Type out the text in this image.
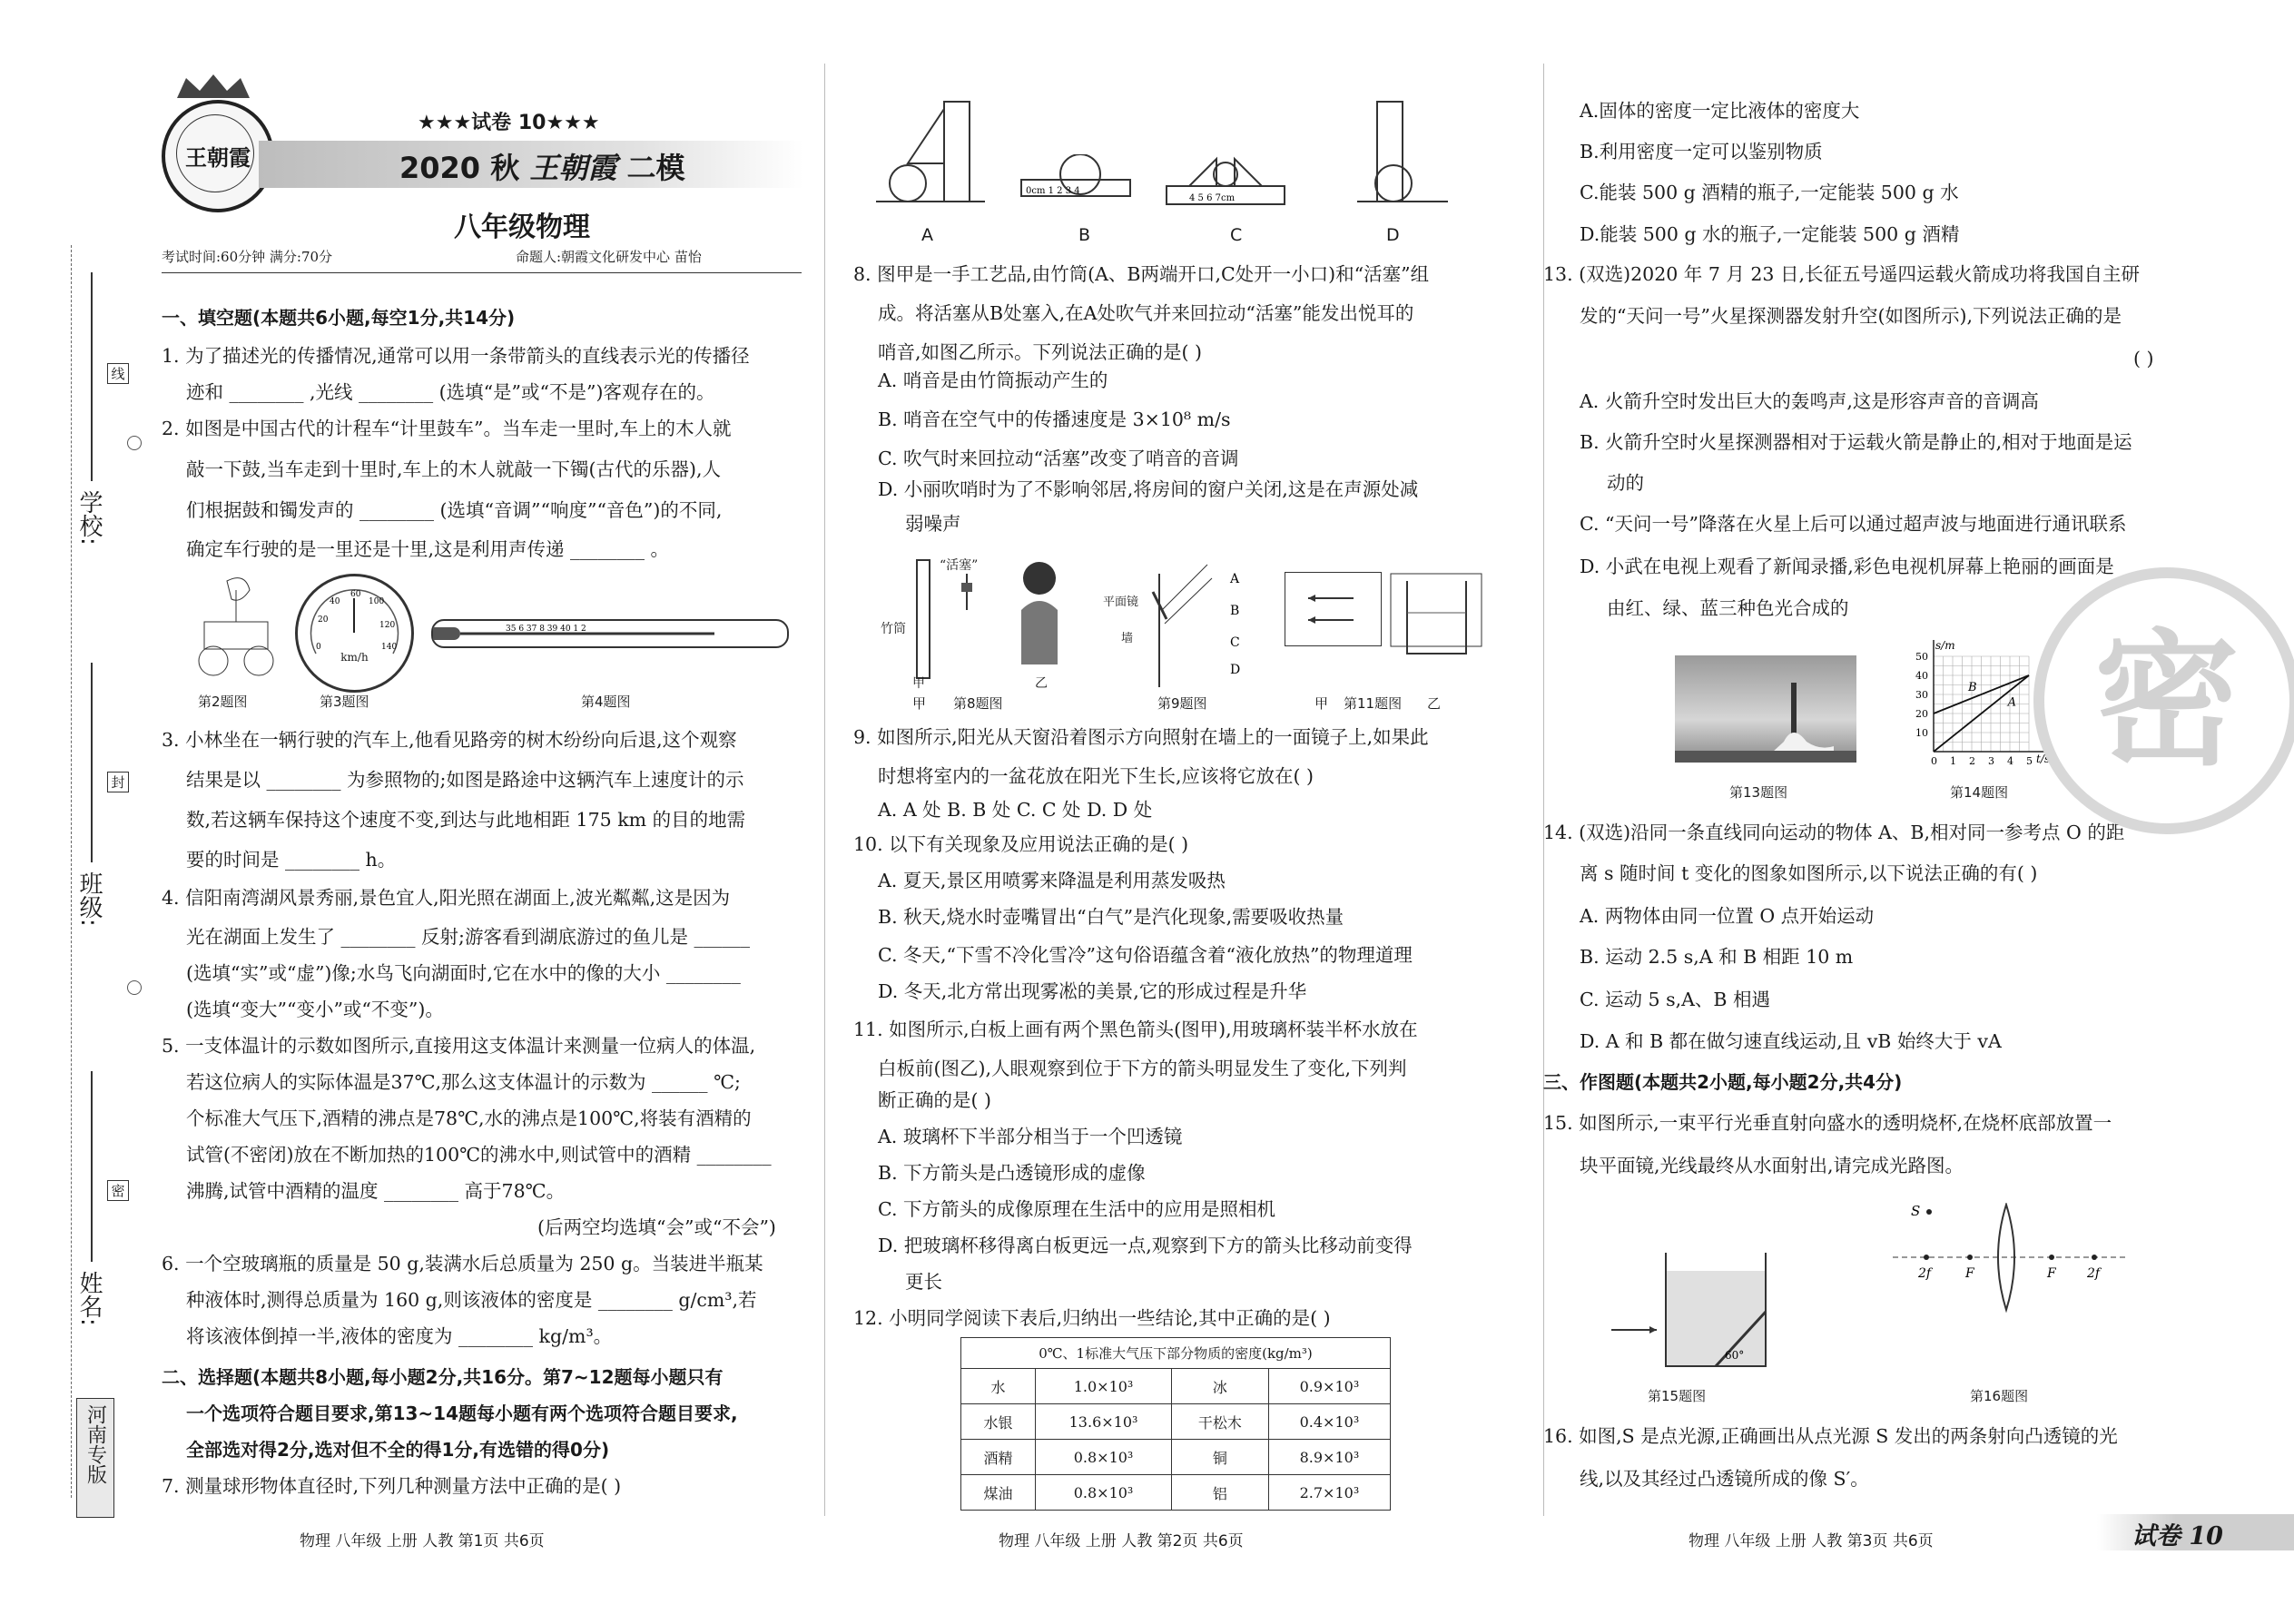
线
封
密
学校:
班级:
姓名:
河南专版
王朝霞
★★★试卷 10★★★
2020 秋 王朝霞 二模
八年级物理
考试时间:60分钟 满分:70分	命题人:朝霞文化研发中心 苗怡
一、填空题(本题共6小题,每空1分,共14分)
1. 为了描述光的传播情况,通常可以用一条带箭头的直线表示光的传播径
迹和 ________ ,光线 ________ (选填“是”或“不是”)客观存在的。
2. 如图是中国古代的计程车“计里鼓车”。当车走一里时,车上的木人就
敲一下鼓,当车走到十里时,车上的木人就敲一下镯(古代的乐器),人
们根据鼓和镯发声的 ________ (选填“音调”“响度”“音色”)的不同,
确定车行驶的是一里还是十里,这是利用声传递 ________ 。
0
20
40
60
100
120
140
km/h
35 6 37 8 39 40 1 2
第2题图	第3题图	第4题图
3. 小林坐在一辆行驶的汽车上,他看见路旁的树木纷纷向后退,这个观察
结果是以 ________ 为参照物的;如图是路途中这辆汽车上速度计的示
数,若这辆车保持这个速度不变,到达与此地相距 175 km 的目的地需
要的时间是 ________ h。
4. 信阳南湾湖风景秀丽,景色宜人,阳光照在湖面上,波光粼粼,这是因为
光在湖面上发生了 ________ 反射;游客看到湖底游过的鱼儿是 ______
(选填“实”或“虚”)像;水鸟飞向湖面时,它在水中的像的大小 ________
(选填“变大”“变小”或“不变”)。
5. 一支体温计的示数如图所示,直接用这支体温计来测量一位病人的体温,
若这位病人的实际体温是37℃,那么这支体温计的示数为 ______ ℃;
个标准大气压下,酒精的沸点是78℃,水的沸点是100℃,将装有酒精的
试管(不密闭)放在不断加热的100℃的沸水中,则试管中的酒精 ________
沸腾,试管中酒精的温度 ________ 高于78℃。
(后两空均选填“会”或“不会”)
6. 一个空玻璃瓶的质量是 50 g,装满水后总质量为 250 g。当装进半瓶某
种液体时,测得总质量为 160 g,则该液体的密度是 ________ g/cm³,若
将该液体倒掉一半,液体的密度为 ________ kg/m³。
二、选择题(本题共8小题,每小题2分,共16分。第7~12题每小题只有
一个选项符合题目要求,第13~14题每小题有两个选项符合题目要求,
全部选对得2分,选对但不全的得1分,有选错的得0分)
7. 测量球形物体直径时,下列几种测量方法中正确的是( )
物理 八年级 上册 人教 第1页 共6页
0cm 1 2 3 4
4 5 6 7cm
A	B	C	D
8. 图甲是一手工艺品,由竹筒(A、B两端开口,C处开一小口)和“活塞”组
成。将活塞从B处塞入,在A处吹气并来回拉动“活塞”能发出悦耳的
哨音,如图乙所示。下列说法正确的是( )
A. 哨音是由竹筒振动产生的
B. 哨音在空气中的传播速度是 3×10⁸ m/s
C. 吹气时来回拉动“活塞”改变了哨音的音调
D. 小丽吹哨时为了不影响邻居,将房间的窗户关闭,这是在声源处减
弱噪声
“活塞”
竹筒
甲	乙
A
B
C
D
平面镜
墙
甲	甲	乙
第8题图	第9题图	第11题图
9. 如图所示,阳光从天窗沿着图示方向照射在墙上的一面镜子上,如果此
时想将室内的一盆花放在阳光下生长,应该将它放在( )
A. A 处 B. B 处 C. C 处 D. D 处
10. 以下有关现象及应用说法正确的是( )
A. 夏天,景区用喷雾来降温是利用蒸发吸热
B. 秋天,烧水时壶嘴冒出“白气”是汽化现象,需要吸收热量
C. 冬天,“下雪不冷化雪冷”这句俗语蕴含着“液化放热”的物理道理
D. 冬天,北方常出现雾凇的美景,它的形成过程是升华
11. 如图所示,白板上画有两个黑色箭头(图甲),用玻璃杯装半杯水放在
白板前(图乙),人眼观察到位于下方的箭头明显发生了变化,下列判
断正确的是( )
A. 玻璃杯下半部分相当于一个凹透镜
B. 下方箭头是凸透镜形成的虚像
C. 下方箭头的成像原理在生活中的应用是照相机
D. 把玻璃杯移得离白板更远一点,观察到下方的箭头比移动前变得
更长
12. 小明同学阅读下表后,归纳出一些结论,其中正确的是( )
0℃、1标准大气压下部分物质的密度(kg/m³)
水	1.0×10³	冰	0.9×10³
水银	13.6×10³	干松木	0.4×10³
酒精	0.8×10³	铜	8.9×10³
煤油	0.8×10³	铝	2.7×10³
物理 八年级 上册 人教 第2页 共6页
A.固体的密度一定比液体的密度大
B.利用密度一定可以鉴别物质
C.能装 500 g 酒精的瓶子,一定能装 500 g 水
D.能装 500 g 水的瓶子,一定能装 500 g 酒精
13. (双选)2020 年 7 月 23 日,长征五号遥四运载火箭成功将我国自主研
发的“天问一号”火星探测器发射升空(如图所示),下列说法正确的是
( )
A. 火箭升空时发出巨大的轰鸣声,这是形容声音的音调高
B. 火箭升空时火星探测器相对于运载火箭是静止的,相对于地面是运
动的
C. “天问一号”降落在火星上后可以通过超声波与地面进行通讯联系
D. 小武在电视上观看了新闻录播,彩色电视机屏幕上艳丽的画面是
由红、绿、蓝三种色光合成的
0 1 2 3 4 5
10
20
30
40
50
t/s
s/m
A
B
第13题图	第14题图
14. (双选)沿同一条直线同向运动的物体 A、B,相对同一参考点 O 的距
离 s 随时间 t 变化的图象如图所示,以下说法正确的有( )
A. 两物体由同一位置 O 点开始运动
B. 运动 2.5 s,A 和 B 相距 10 m
C. 运动 5 s,A、B 相遇
D. A 和 B 都在做匀速直线运动,且 vB 始终大于 vA
三、作图题(本题共2小题,每小题2分,共4分)
15. 如图所示,一束平行光垂直射向盛水的透明烧杯,在烧杯底部放置一
块平面镜,光线最终从水面射出,请完成光路图。
60°
S
2f	F	F 2f
第15题图	第16题图
16. 如图,S 是点光源,正确画出从点光源 S 发出的两条射向凸透镜的光
线,以及其经过凸透镜所成的像 S′。
密
物理 八年级 上册 人教 第3页 共6页	试卷 10
